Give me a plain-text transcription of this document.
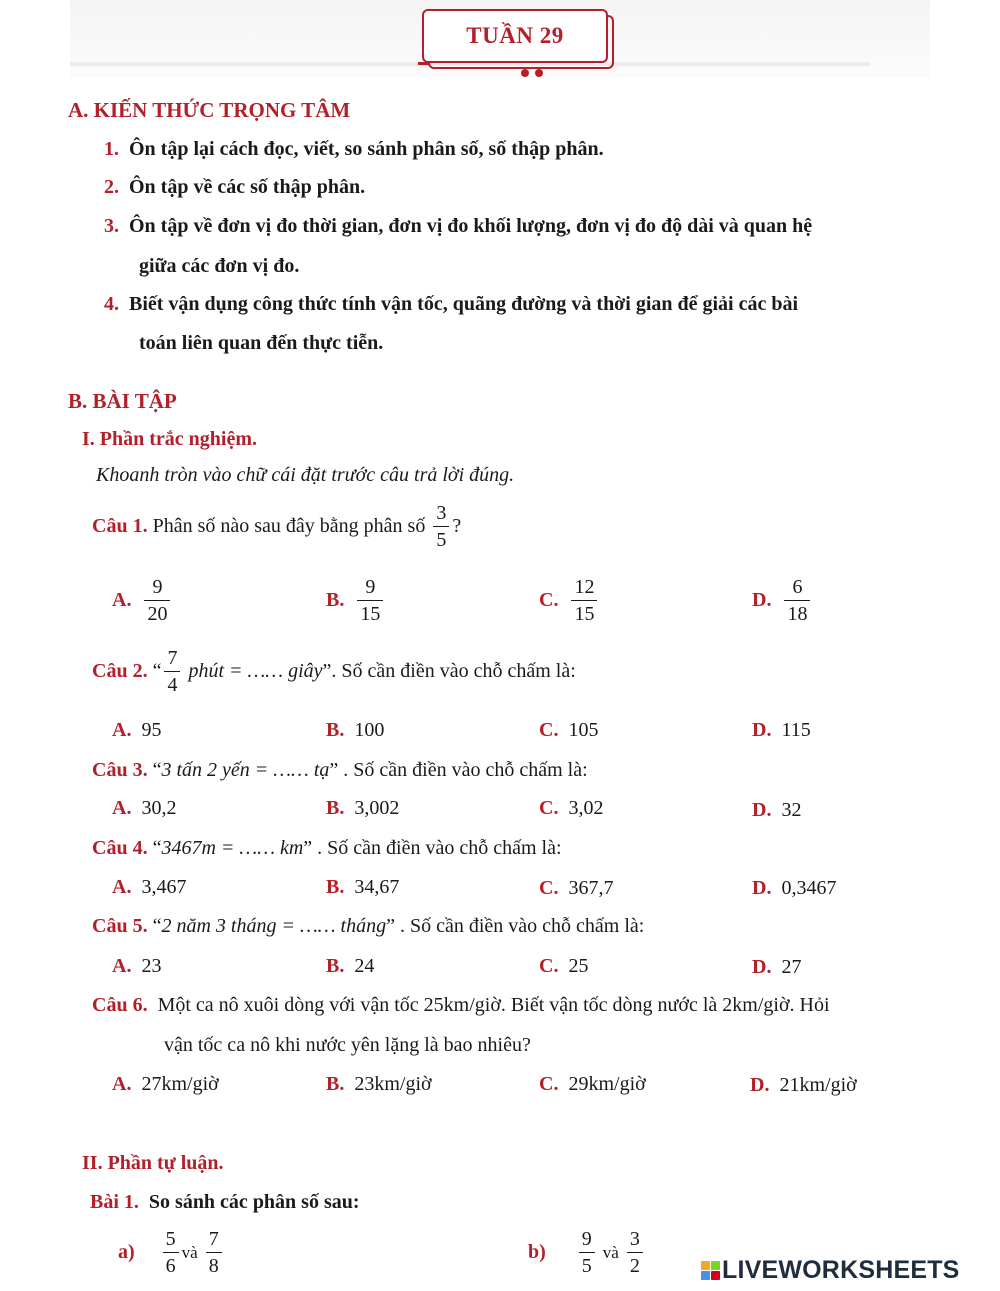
TUẦN 29
A. KIẾN THỨC TRỌNG TÂM
1. Ôn tập lại cách đọc, viết, so sánh phân số, số thập phân.
2. Ôn tập về các số thập phân.
3. Ôn tập về đơn vị đo thời gian, đơn vị đo khối lượng, đơn vị đo độ dài và quan hệ
giữa các đơn vị đo.
4. Biết vận dụng công thức tính vận tốc, quãng đường và thời gian để giải các bài
toán liên quan đến thực tiễn.
B. BÀI TẬP
I. Phần trắc nghiệm.
Khoanh tròn vào chữ cái đặt trước câu trả lời đúng.
Câu 1.
Phân số nào sau đây bằng phân số
$\frac{3}{5}$ ?
A.
$\frac{9}{20}$	B.
$\frac{9}{15}$	C.
$\frac{12}{15}$	D.
$\frac{6}{18}$
Câu 2.
“ $\frac{7}{4}$
phút = …… giây ”. Số cần điền vào chỗ chấm là:
A. 95	B. 100	C. 105	D. 115
Câu 3. “3 tấn 2 yến = …… tạ” . Số cần điền vào chỗ chấm là:
A. 30,2	B. 3,002	C. 3,02	D. 32
Câu 4. “3467m = …… km” . Số cần điền vào chỗ chấm là:
A. 3,467	B. 34,67	C. 367,7	D. 0,3467
Câu 5. “2 năm 3 tháng = …… tháng” . Số cần điền vào chỗ chấm là:
A. 23	B. 24	C. 25	D. 27
Câu 6. Một ca nô xuôi dòng với vận tốc 25km/giờ. Biết vận tốc dòng nước là 2km/giờ. Hỏi
vận tốc ca nô khi nước yên lặng là bao nhiêu?
A. 27km/giờ	B. 23km/giờ	C. 29km/giờ	D. 21km/giờ
II. Phần tự luận.
Bài 1. So sánh các phân số sau:
a)
$\frac{5}{6}$ và
$\frac{7}{8}$	b)
$\frac{9}{5}$
và
$\frac{3}{2}$	LIVEWORKSHEETS
